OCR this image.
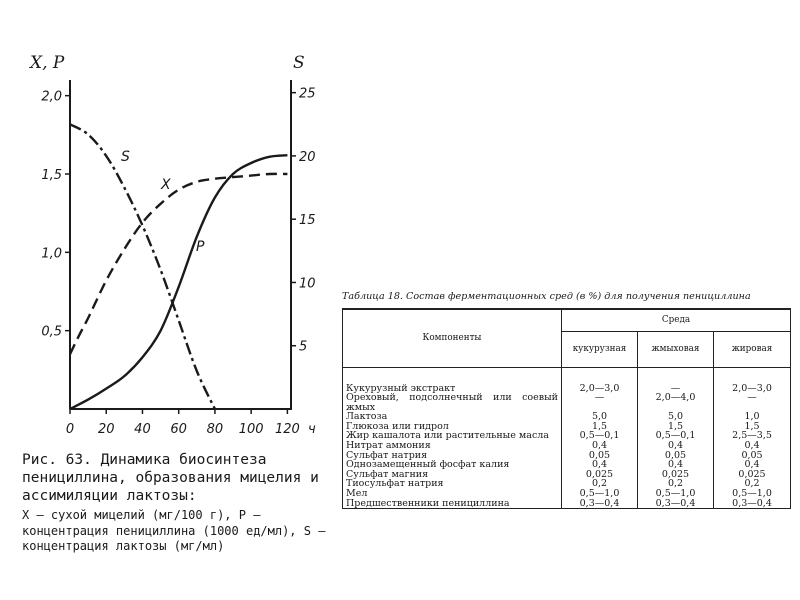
2,0
1,5
1,0
0,5
25
20
15
10
5
0 20 40 60 80 100 120
S
X
P
X, P	S
ч
Рис. 63. Динамика биосинтеза пенициллина, образования мицелия и ассимиляции лактозы:
X — сухой мицелий (мг/100 г), P — концентрация пенициллина (1000 ед/мл), S — концентрация лактозы (мг/мл)
Таблица 18. Состав ферментационных сред (в %) для получения пенициллина
Компоненты	Среда		
	кукурузная	жмыховая	жировая
Кукурузный экстракт	2,0—3,0	—	2,0—3,0
Ореховый, подсолнечный или соевый жмых	—	2,0—4,0	—
Лактоза	5,0	5,0	1,0
Глюкоза или гидрол	1,5	1,5	1,5
Жир кашалота или растительные масла	0,5—0,1	0,5—0,1	2,5—3,5
Нитрат аммония	0,4	0,4	0,4
Сульфат натрия	0,05	0,05	0,05
Однозамещенный фосфат калия	0,4	0,4	0,4
Сульфат магния	0,025	0,025	0,025
Тиосульфат натрия	0,2	0,2	0,2
Мел	0,5—1,0	0,5—1,0	0,5—1,0
Предшественники пенициллина	0,3—0,4	0,3—0,4	0,3—0,4
